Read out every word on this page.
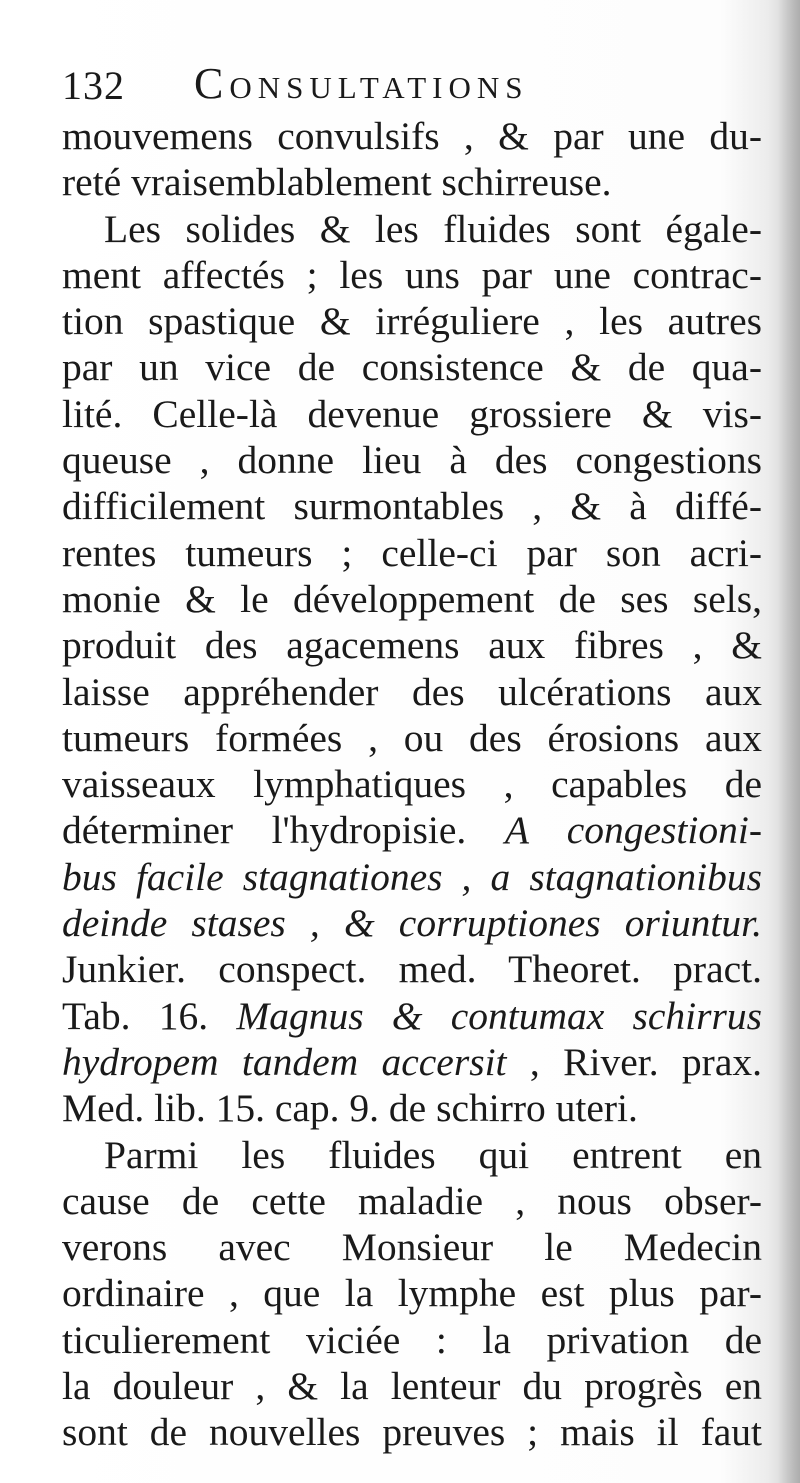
132 Consultations
mouvemens convulsifs , & par une du-
reté vraisemblablement schirreuse.
Les solides & les fluides sont égale-
ment affectés ; les uns par une contrac-
tion spastique & irréguliere , les autres
par un vice de consistence & de qua-
lité. Celle-là devenue grossiere & vis-
queuse , donne lieu à des congestions
difficilement surmontables , & à diffé-
rentes tumeurs ; celle-ci par son acri-
monie & le développement de ses sels,
produit des agacemens aux fibres , &
laisse appréhender des ulcérations aux
tumeurs formées , ou des érosions aux
vaisseaux lymphatiques , capables de
déterminer l'hydropisie. A congestioni-
bus facile stagnationes , a stagnationibus
deinde stases , & corruptiones oriuntur.
Junkier. conspect. med. Theoret. pract.
Tab. 16. Magnus & contumax schirrus
hydropem tandem accersit , River. prax.
Med. lib. 15. cap. 9. de schirro uteri.
Parmi les fluides qui entrent en
cause de cette maladie , nous obser-
verons avec Monsieur le Medecin
ordinaire , que la lymphe est plus par-
ticulierement viciée : la privation de
la douleur , & la lenteur du progrès en
sont de nouvelles preuves ; mais il faut
